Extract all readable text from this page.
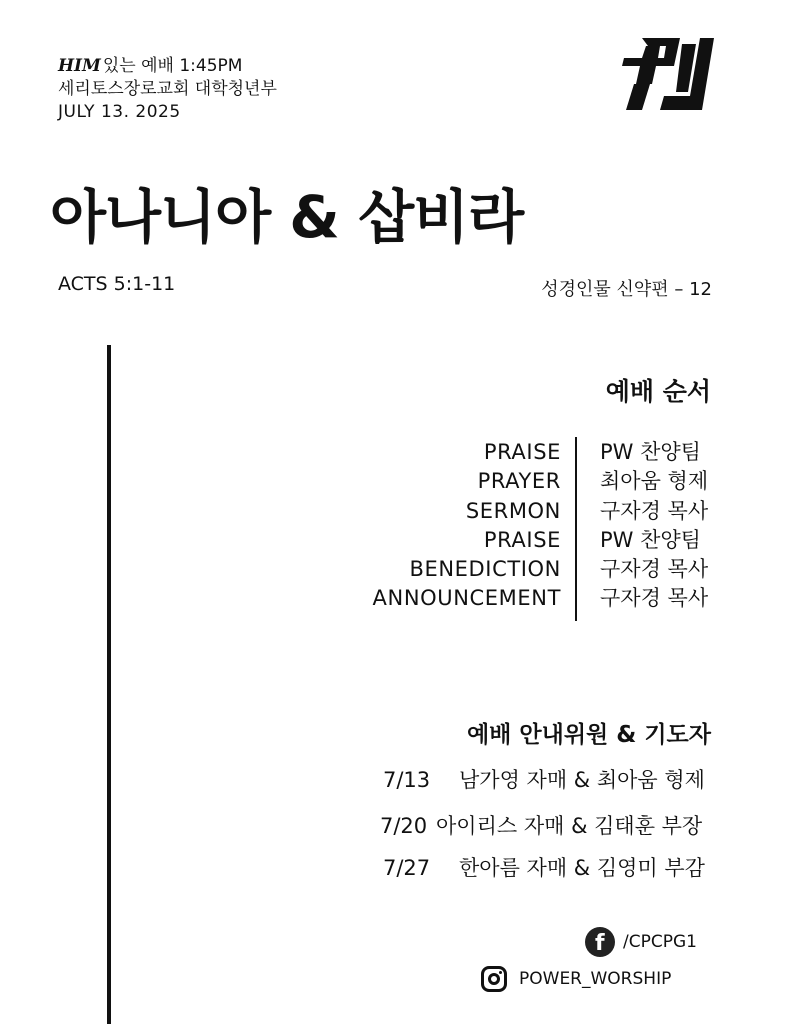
HIM 있는 예배 1:45PM
세리토스장로교회 대학청년부
JULY 13. 2025
아나니아 & 삽비라
ACTS 5:1-11	성경인물 신약편 – 12
예배 순서
PRAISE
PRAYER
SERMON
PRAISE
BENEDICTION
ANNOUNCEMENT
PW 찬양팀
최아움 형제
구자경 목사
PW 찬양팀
구자경 목사
구자경 목사
예배 안내위원 & 기도자
7/13 남가영 자매 & 최아움 형제
7/20 아이리스 자매 & 김태훈 부장
7/27 한아름 자매 & 김영미 부감
f /CPCPG1
POWER_WORSHIP
